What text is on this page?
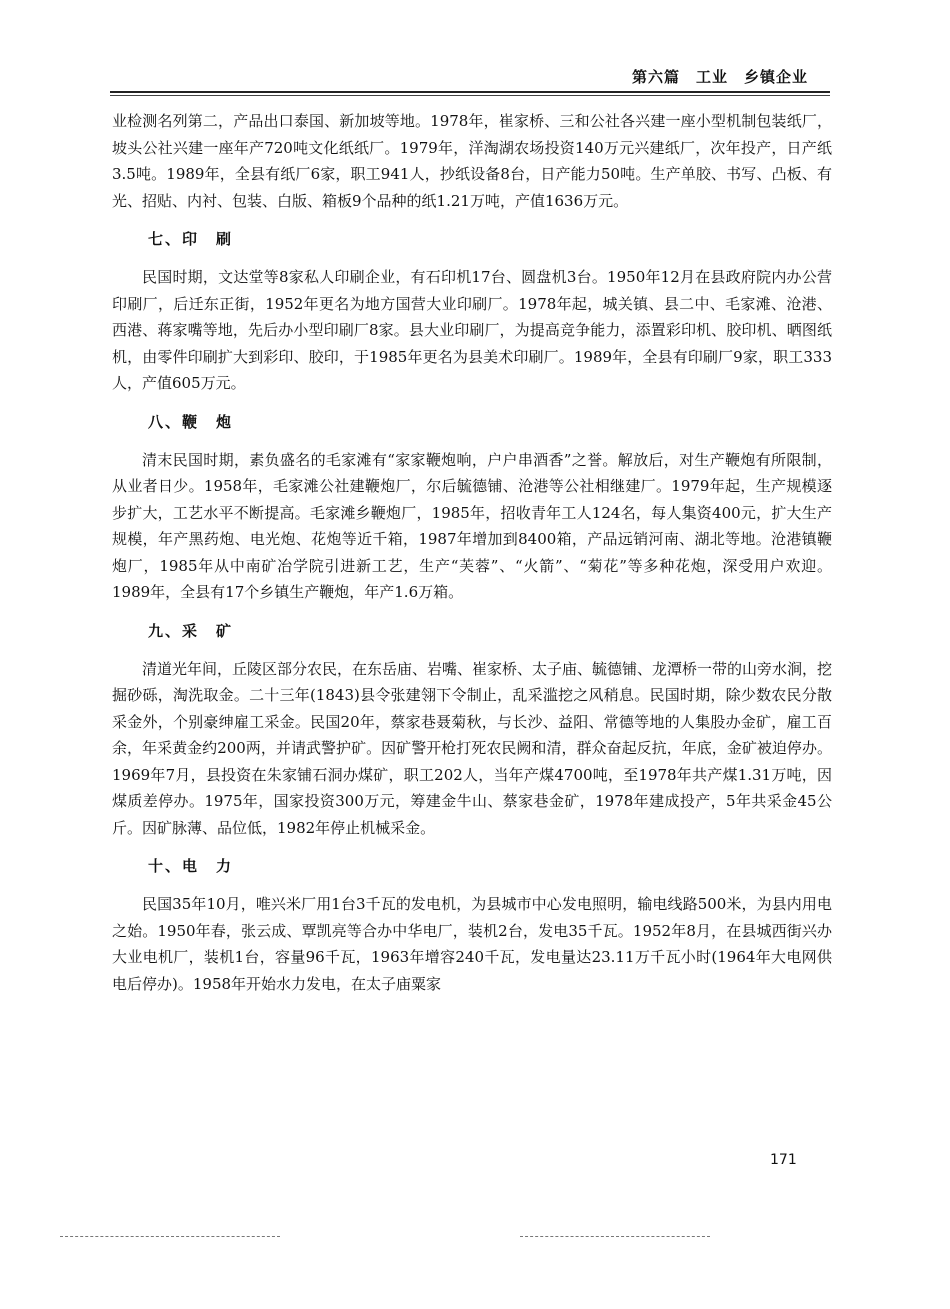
第六篇　工业　乡镇企业

业检测名列第二，产品出口泰国、新加坡等地。1978年，崔家桥、三和公社各兴建一座小型机制包装纸厂，坡头公社兴建一座年产720吨文化纸纸厂。1979年，洋淘湖农场投资140万元兴建纸厂，次年投产，日产纸3.5吨。1989年，全县有纸厂6家，职工941人，抄纸设备8台，日产能力50吨。生产单胶、书写、凸板、有光、招贴、内衬、包装、白版、箱板9个品种的纸1.21万吨，产值1636万元。

七、印　刷

民国时期，文达堂等8家私人印刷企业，有石印机17台、圆盘机3台。1950年12月在县政府院内办公营印刷厂，后迁东正街，1952年更名为地方国营大业印刷厂。1978年起，城关镇、县二中、毛家滩、沧港、西港、蒋家嘴等地，先后办小型印刷厂8家。县大业印刷厂，为提高竞争能力，添置彩印机、胶印机、晒图纸机，由零件印刷扩大到彩印、胶印，于1985年更名为县美术印刷厂。1989年，全县有印刷厂9家，职工333人，产值605万元。

八、鞭　炮

清末民国时期，素负盛名的毛家滩有“家家鞭炮响，户户串酒香”之誉。解放后，对生产鞭炮有所限制，从业者日少。1958年，毛家滩公社建鞭炮厂，尔后毓德铺、沧港等公社相继建厂。1979年起，生产规模逐步扩大，工艺水平不断提高。毛家滩乡鞭炮厂，1985年，招收青年工人124名，每人集资400元，扩大生产规模，年产黑药炮、电光炮、花炮等近千箱，1987年增加到8400箱，产品远销河南、湖北等地。沧港镇鞭炮厂，1985年从中南矿冶学院引进新工艺，生产“芙蓉”、“火箭”、“菊花”等多种花炮，深受用户欢迎。1989年，全县有17个乡镇生产鞭炮，年产1.6万箱。

九、采　矿

清道光年间，丘陵区部分农民，在东岳庙、岩嘴、崔家桥、太子庙、毓德铺、龙潭桥一带的山旁水涧，挖掘砂砾，淘洗取金。二十三年(1843)县令张建翎下令制止，乱采滥挖之风稍息。民国时期，除少数农民分散采金外，个别豪绅雇工采金。民国20年，蔡家巷聂菊秋，与长沙、益阳、常德等地的人集股办金矿，雇工百余，年采黄金约200两，并请武警护矿。因矿警开枪打死农民阙和清，群众奋起反抗，年底，金矿被迫停办。1969年7月，县投资在朱家铺石洞办煤矿，职工202人，当年产煤4700吨，至1978年共产煤1.31万吨，因煤质差停办。1975年，国家投资300万元，筹建金牛山、蔡家巷金矿，1978年建成投产，5年共采金45公斤。因矿脉薄、品位低，1982年停止机械采金。

十、电　力

民国35年10月，唯兴米厂用1台3千瓦的发电机，为县城市中心发电照明，输电线路500米，为县内用电之始。1950年春，张云成、覃凯亮等合办中华电厂，装机2台，发电35千瓦。1952年8月，在县城西街兴办大业电机厂，装机1台，容量96千瓦，1963年增容240千瓦，发电量达23.11万千瓦小时(1964年大电网供电后停办)。1958年开始水力发电，在太子庙粟家

171
